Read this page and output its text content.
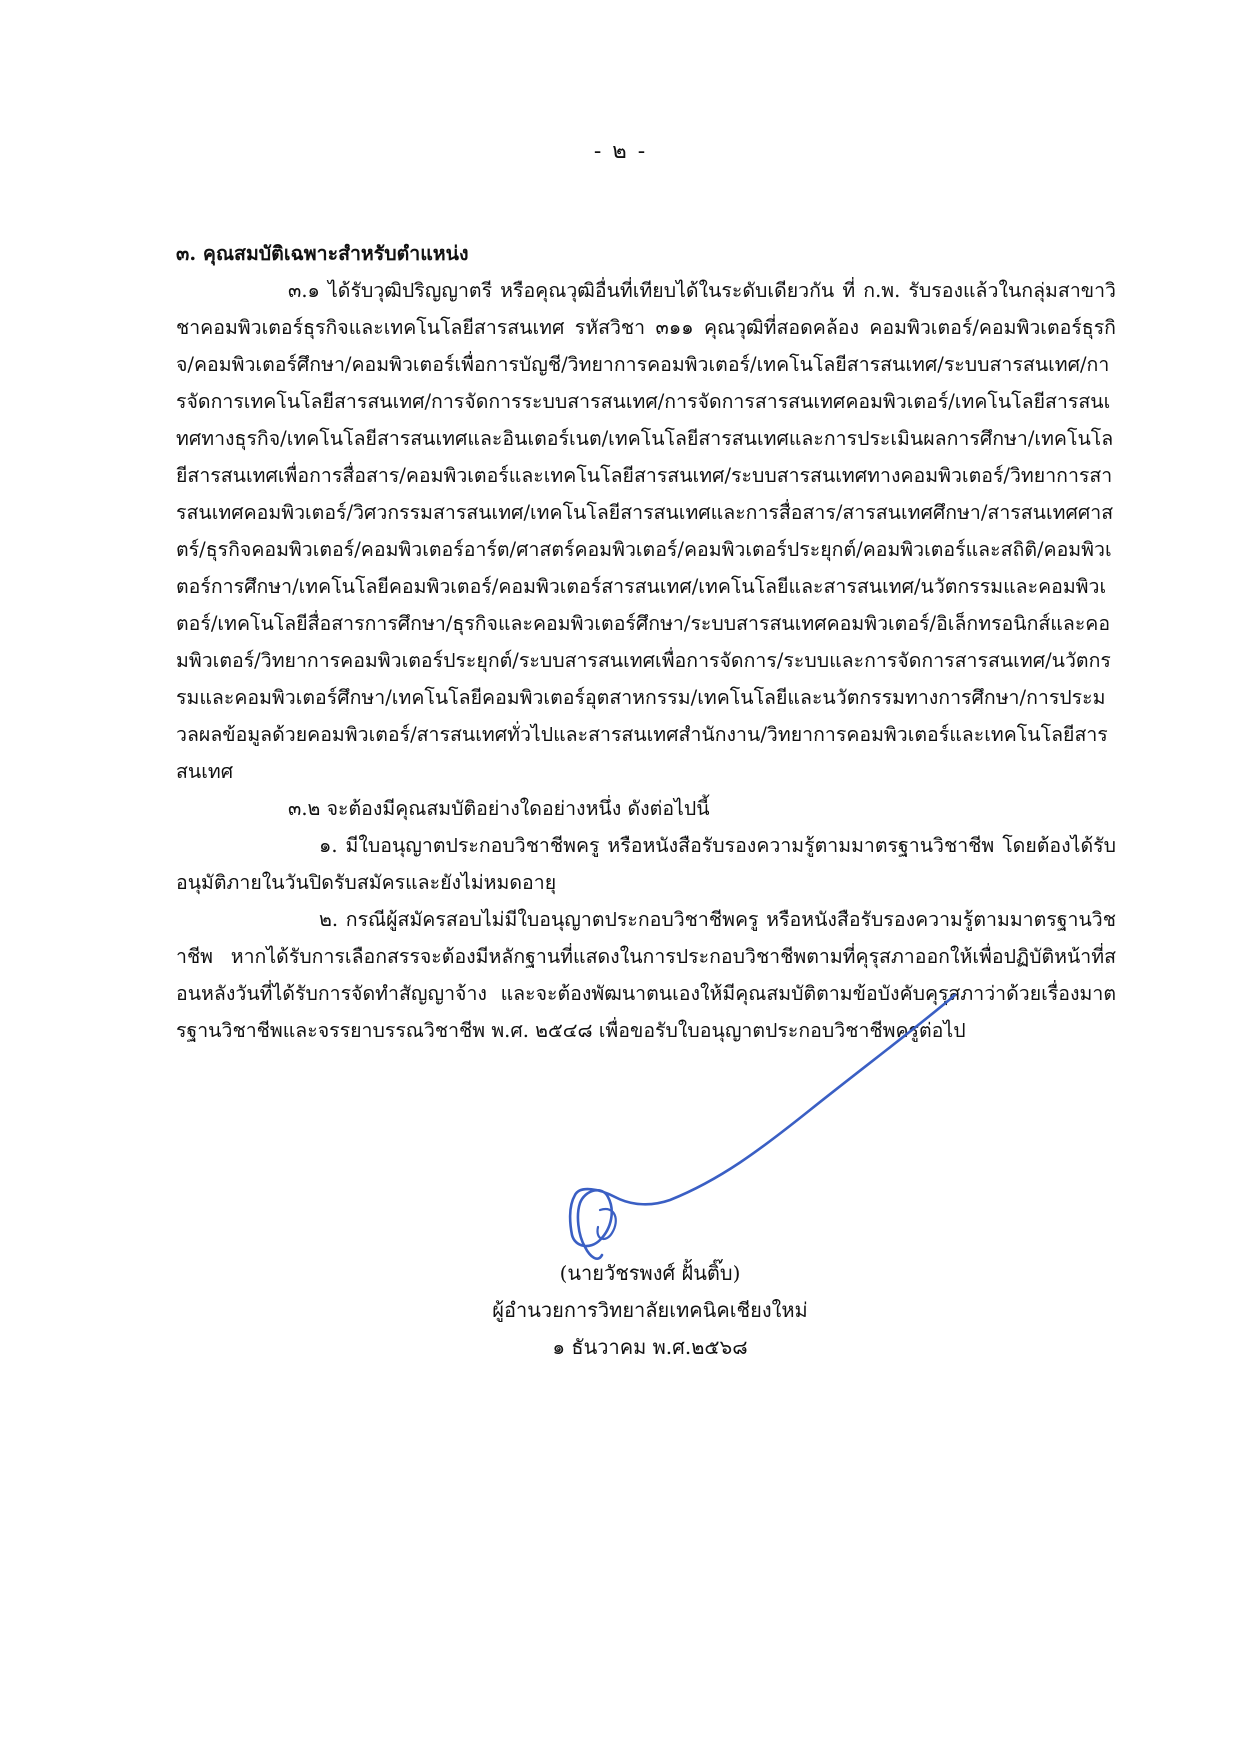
- ๒ -

๓. คุณสมบัติเฉพาะสำหรับตำแหน่ง

๓.๑ ได้รับวุฒิปริญญาตรี หรือคุณวุฒิอื่นที่เทียบได้ในระดับเดียวกัน ที่ ก.พ. รับรองแล้วในกลุ่มสาขาวิชาคอมพิวเตอร์ธุรกิจและเทคโนโลยีสารสนเทศ รหัสวิชา ๓๑๑ คุณวุฒิที่สอดคล้อง คอมพิวเตอร์/คอมพิวเตอร์ธุรกิจ/คอมพิวเตอร์ศึกษา/คอมพิวเตอร์เพื่อการบัญชี/วิทยาการคอมพิวเตอร์/เทคโนโลยีสารสนเทศ/ระบบสารสนเทศ/การจัดการเทคโนโลยีสารสนเทศ/การจัดการระบบสารสนเทศ/การจัดการสารสนเทศคอมพิวเตอร์/เทคโนโลยีสารสนเทศทางธุรกิจ/เทคโนโลยีสารสนเทศและอินเตอร์เนต/เทคโนโลยีสารสนเทศและการประเมินผลการศึกษา/เทคโนโลยีสารสนเทศเพื่อการสื่อสาร/คอมพิวเตอร์และเทคโนโลยีสารสนเทศ/ระบบสารสนเทศทางคอมพิวเตอร์/วิทยาการสารสนเทศคอมพิวเตอร์/วิศวกรรมสารสนเทศ/เทคโนโลยีสารสนเทศและการสื่อสาร/สารสนเทศศึกษา/สารสนเทศศาสตร์/ธุรกิจคอมพิวเตอร์/คอมพิวเตอร์อาร์ต/ศาสตร์คอมพิวเตอร์/คอมพิวเตอร์ประยุกต์/คอมพิวเตอร์และสถิติ/คอมพิวเตอร์การศึกษา/เทคโนโลยีคอมพิวเตอร์/คอมพิวเตอร์สารสนเทศ/เทคโนโลยีและสารสนเทศ/นวัตกรรมและคอมพิวเตอร์/เทคโนโลยีสื่อสารการศึกษา/ธุรกิจและคอมพิวเตอร์ศึกษา/ระบบสารสนเทศคอมพิวเตอร์/อิเล็กทรอนิกส์และคอมพิวเตอร์/วิทยาการคอมพิวเตอร์ประยุกต์/ระบบสารสนเทศเพื่อการจัดการ/ระบบและการจัดการสารสนเทศ/นวัตกรรมและคอมพิวเตอร์ศึกษา/เทคโนโลยีคอมพิวเตอร์อุตสาหกรรม/เทคโนโลยีและนวัตกรรมทางการศึกษา/การประมวลผลข้อมูลด้วยคอมพิวเตอร์/สารสนเทศทั่วไปและสารสนเทศสำนักงาน/วิทยาการคอมพิวเตอร์และเทคโนโลยีสารสนเทศ

๓.๒ จะต้องมีคุณสมบัติอย่างใดอย่างหนึ่ง ดังต่อไปนี้

๑. มีใบอนุญาตประกอบวิชาชีพครู หรือหนังสือรับรองความรู้ตามมาตรฐานวิชาชีพ โดยต้องได้รับอนุมัติภายในวันปิดรับสมัครและยังไม่หมดอายุ

๒. กรณีผู้สมัครสอบไม่มีใบอนุญาตประกอบวิชาชีพครู หรือหนังสือรับรองความรู้ตามมาตรฐานวิชาชีพ หากได้รับการเลือกสรรจะต้องมีหลักฐานที่แสดงในการประกอบวิชาชีพตามที่คุรุสภาออกให้เพื่อปฏิบัติหน้าที่สอนหลังวันที่ได้รับการจัดทำสัญญาจ้าง และจะต้องพัฒนาตนเองให้มีคุณสมบัติตามข้อบังคับคุรุสภาว่าด้วยเรื่องมาตรฐานวิชาชีพและจรรยาบรรณวิชาชีพ พ.ศ. ๒๕๔๘ เพื่อขอรับใบอนุญาตประกอบวิชาชีพครูต่อไป

(นายวัชรพงศ์ ฝั้นติ๊บ)
ผู้อำนวยการวิทยาลัยเทคนิคเชียงใหม่
๑ ธันวาคม พ.ศ.๒๕๖๘
